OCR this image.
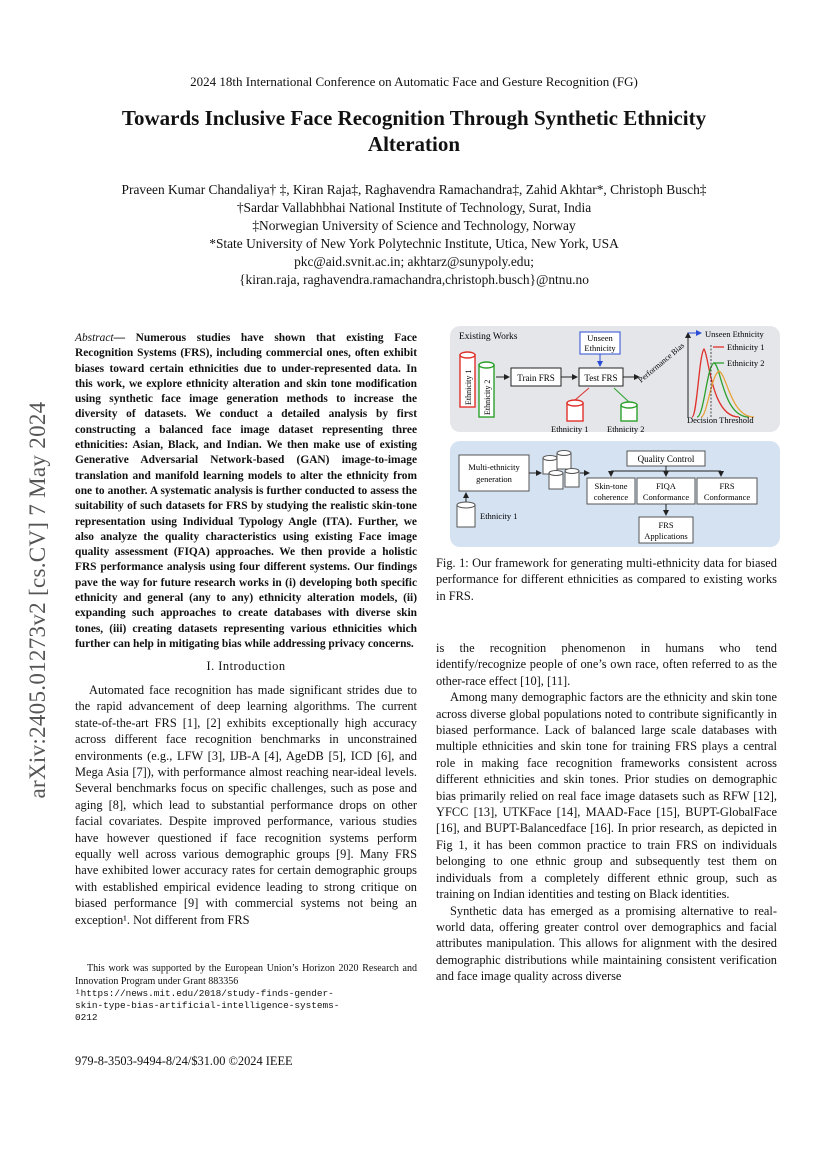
arXiv:2405.01273v2 [cs.CV] 7 May 2024
2024 18th International Conference on Automatic Face and Gesture Recognition (FG)
Towards Inclusive Face Recognition Through Synthetic Ethnicity
Alteration
Praveen Kumar Chandaliya† ‡, Kiran Raja‡, Raghavendra Ramachandra‡, Zahid Akhtar*, Christoph Busch‡
†Sardar Vallabhbhai National Institute of Technology, Surat, India
‡Norwegian University of Science and Technology, Norway
*State University of New York Polytechnic Institute, Utica, New York, USA
pkc@aid.svnit.ac.in; akhtarz@sunypoly.edu;
{kiran.raja, raghavendra.ramachandra,christoph.busch}@ntnu.no
Abstract— Numerous studies have shown that existing Face Recognition Systems (FRS), including commercial ones, often exhibit biases toward certain ethnicities due to under-represented data. In this work, we explore ethnicity alteration and skin tone modification using synthetic face image generation methods to increase the diversity of datasets. We conduct a detailed analysis by first constructing a balanced face image dataset representing three ethnicities: Asian, Black, and Indian. We then make use of existing Generative Adversarial Network-based (GAN) image-to-image translation and manifold learning models to alter the ethnicity from one to another. A systematic analysis is further conducted to assess the suitability of such datasets for FRS by studying the realistic skin-tone representation using Individual Typology Angle (ITA). Further, we also analyze the quality characteristics using existing Face image quality assessment (FIQA) approaches. We then provide a holistic FRS performance analysis using four different systems. Our findings pave the way for future research works in (i) developing both specific ethnicity and general (any to any) ethnicity alteration models, (ii) expanding such approaches to create databases with diverse skin tones, (iii) creating datasets representing various ethnicities which further can help in mitigating bias while addressing privacy concerns.
I. Introduction

Automated face recognition has made significant strides due to the rapid advancement of deep learning algorithms. The current state-of-the-art FRS [1], [2] exhibits exceptionally high accuracy across different face recognition benchmarks in unconstrained environments (e.g., LFW [3], IJB-A [4], AgeDB [5], ICD [6], and Mega Asia [7]), with performance almost reaching near-ideal levels. Several benchmarks focus on specific challenges, such as pose and aging [8], which lead to substantial performance drops on other facial covariates. Despite improved performance, various studies have however questioned if face recognition systems perform equally well across various demographic groups [9]. Many FRS have exhibited lower accuracy rates for certain demographic groups with established empirical evidence leading to strong critique on biased performance [9] with commercial systems not being an exception¹. Not different from FRS

This work was supported by the European Union’s Horizon 2020 Research and Innovation Program under Grant 883356

¹https://news.mit.edu/2018/study-finds-gender-

skin-type-bias-artificial-intelligence-systems-

0212

979-8-3503-9494-8/24/$31.00 ©2024 IEEE
Existing Works
Ethnicity 1 Ethnicity 2
Train FRS	Test FRS
Unseen
Ethnicity
Ethnicity 1 Ethnicity 2
Performance Bias
Unseen Ethnicity
Ethnicity 1
Ethnicity 2
Decision Threshold
Multi-ethnicity
generation
Ethnicity 1
Quality Control
Skin-tone
coherence
FIQA
Conformance
FRS
Conformance
FRS
Applications
Fig. 1: Our framework for generating multi-ethnicity data for biased performance for different ethnicities as compared to existing works in FRS.

is the recognition phenomenon in humans who tend identify/recognize people of one’s own race, often referred to as the other-race effect [10], [11].

Among many demographic factors are the ethnicity and skin tone across diverse global populations noted to contribute significantly in biased performance. Lack of balanced large scale databases with multiple ethnicities and skin tone for training FRS plays a central role in making face recognition frameworks consistent across different ethnicities and skin tones. Prior studies on demographic bias primarily relied on real face image datasets such as RFW [12], YFCC [13], UTKFace [14], MAAD-Face [15], BUPT-GlobalFace [16], and BUPT-Balancedface [16]. In prior research, as depicted in Fig 1, it has been common practice to train FRS on individuals belonging to one ethnic group and subsequently test them on individuals from a completely different ethnic group, such as training on Indian identities and testing on Black identities.

Synthetic data has emerged as a promising alternative to real-world data, offering greater control over demographics and facial attributes manipulation. This allows for alignment with the desired demographic distributions while maintaining consistent verification and face image quality across diverse
